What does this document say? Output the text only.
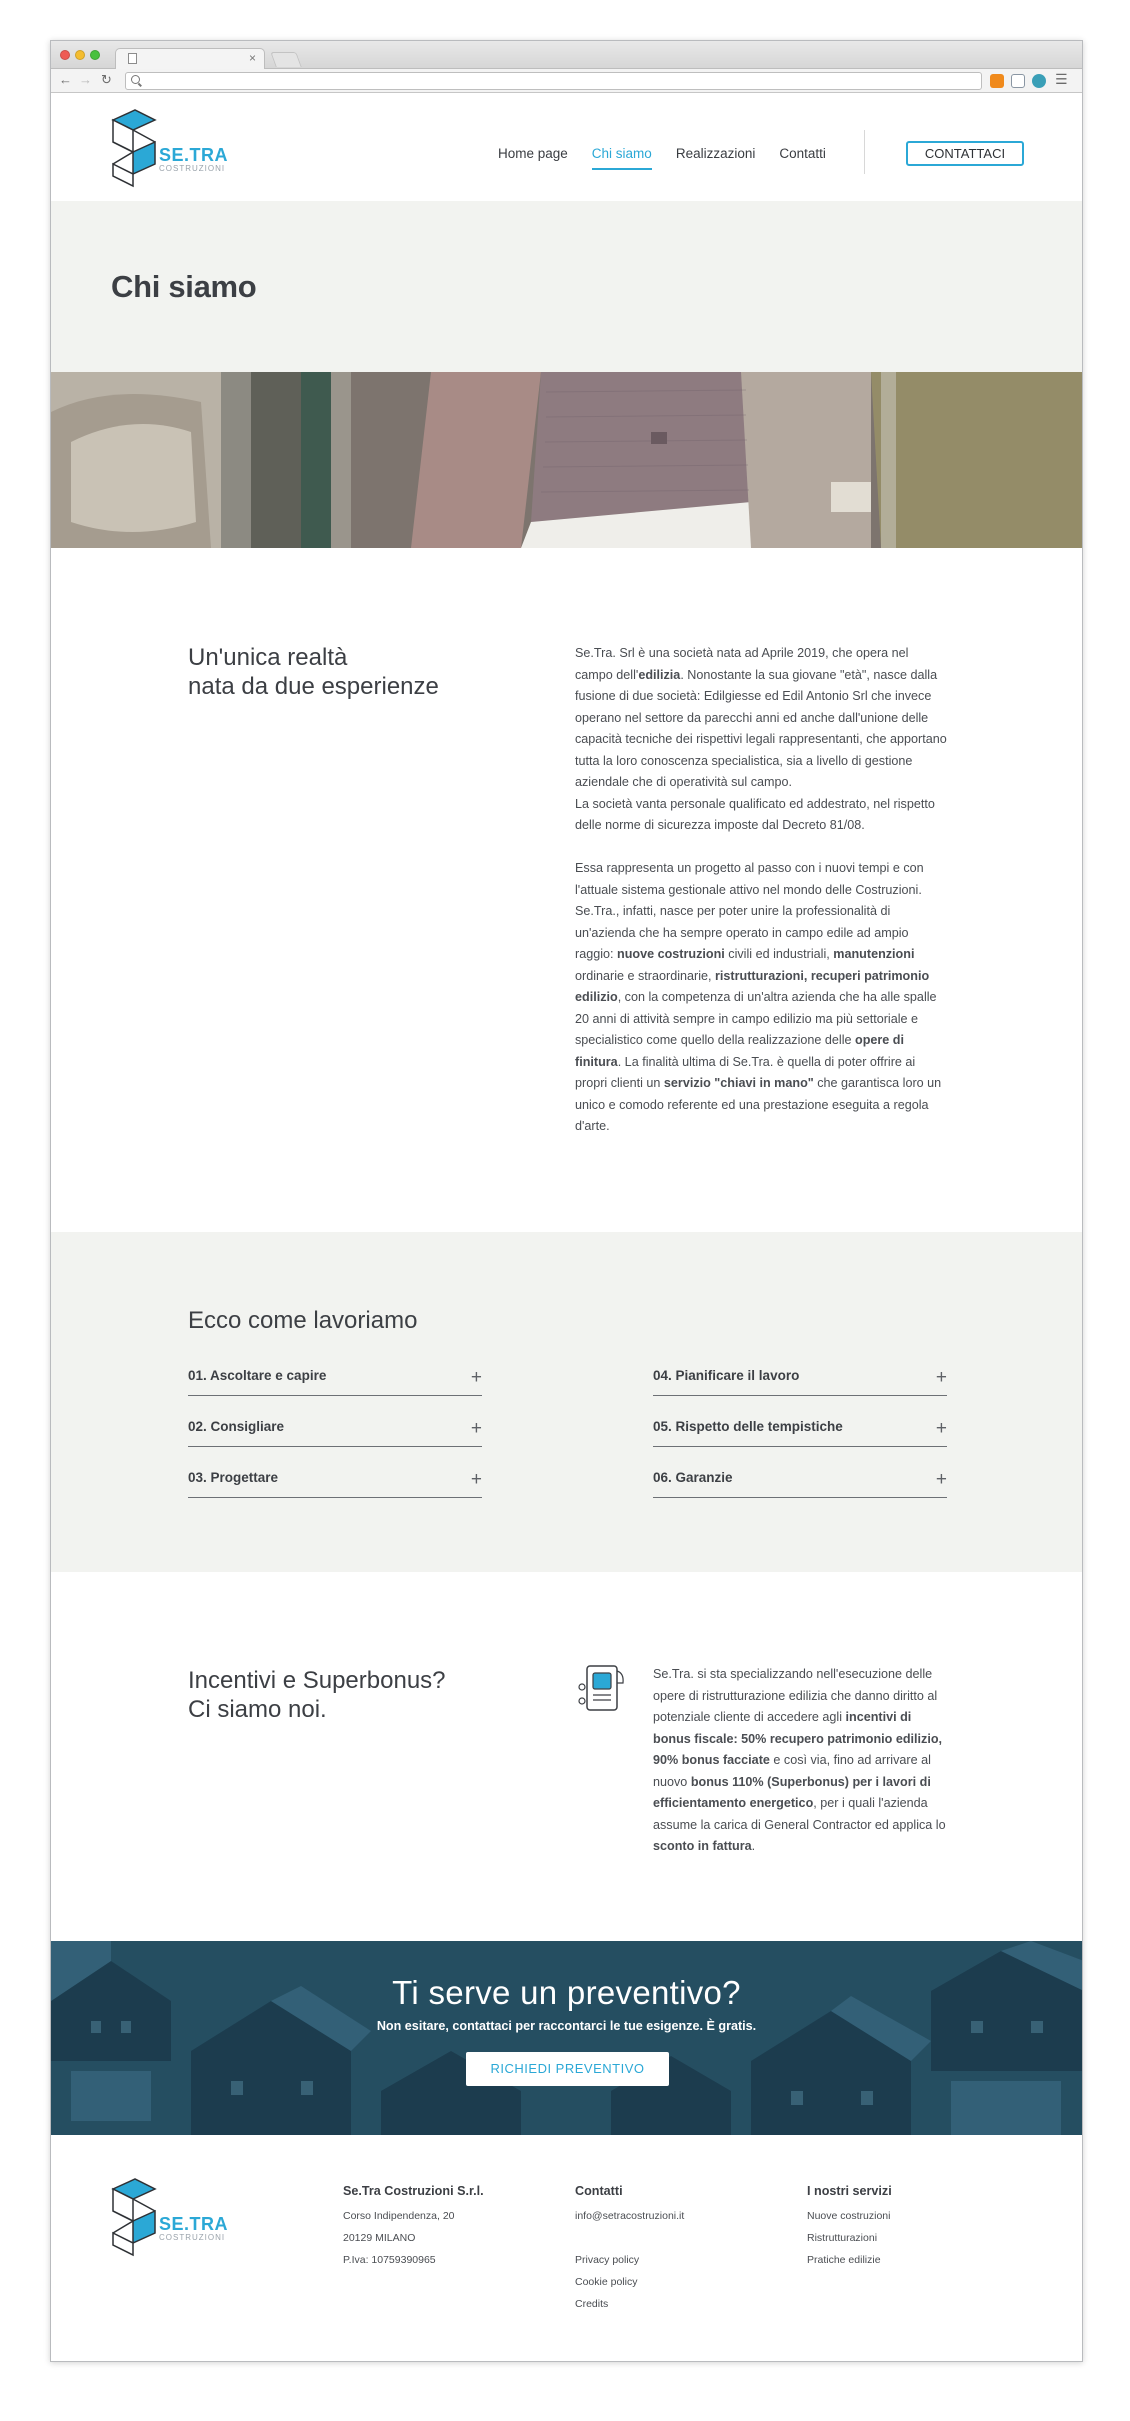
×
← → ↻	☰
SE.TRA
COSTRUZIONI
Home page Chi siamo Realizzazioni Contatti	CONTATTACI
Chi siamo
Un'unica realtà
nata da due esperienze

Se.Tra. Srl è una società nata ad Aprile 2019, che opera nel campo dell'edilizia. Nonostante la sua giovane "età", nasce dalla fusione di due società: Edilgiesse ed Edil Antonio Srl che invece operano nel settore da parecchi anni ed anche dall'unione delle capacità tecniche dei rispettivi legali rappresentanti, che apportano tutta la loro conoscenza specialistica, sia a livello di gestione aziendale che di operatività sul campo.
La società vanta personale qualificato ed addestrato, nel rispetto delle norme di sicurezza imposte dal Decreto 81/08.

Essa rappresenta un progetto al passo con i nuovi tempi e con l'attuale sistema gestionale attivo nel mondo delle Costruzioni. Se.Tra., infatti, nasce per poter unire la professionalità di un'azienda che ha sempre operato in campo edile ad ampio raggio: nuove costruzioni civili ed industriali, manutenzioni ordinarie e straordinarie, ristrutturazioni, recuperi patrimonio edilizio, con la competenza di un'altra azienda che ha alle spalle 20 anni di attività sempre in campo edilizio ma più settoriale e specialistico come quello della realizzazione delle opere di finitura. La finalità ultima di Se.Tra. è quella di poter offrire ai propri clienti un servizio "chiavi in mano" che garantisca loro un unico e comodo referente ed una prestazione eseguita a regola d'arte.

Ecco come lavoriamo
01. Ascoltare e capire	+
02. Consigliare	+
03. Progettare	+
04. Pianificare il lavoro	+
05. Rispetto delle tempistiche	+
06. Garanzie	+
Incentivi e Superbonus?
Ci siamo noi.
Se.Tra. si sta specializzando nell'esecuzione delle opere di ristrutturazione edilizia che danno diritto al potenziale cliente di accedere agli incentivi di bonus fiscale: 50% recupero patrimonio edilizio, 90% bonus facciate e così via, fino ad arrivare al nuovo bonus 110% (Superbonus) per i lavori di efficientamento energetico, per i quali l'azienda assume la carica di General Contractor ed applica lo sconto in fattura.
Ti serve un preventivo?
Non esitare, contattaci per raccontarci le tue esigenze. È gratis.
RICHIEDI PREVENTIVO
SE.TRA
COSTRUZIONI
Se.Tra Costruzioni S.r.l.
Corso Indipendenza, 20
20129 MILANO
P.Iva: 10759390965
Contatti
info@setracostruzioni.it
Privacy policy
Cookie policy
Credits
I nostri servizi
Nuove costruzioni
Ristrutturazioni
Pratiche edilizie
